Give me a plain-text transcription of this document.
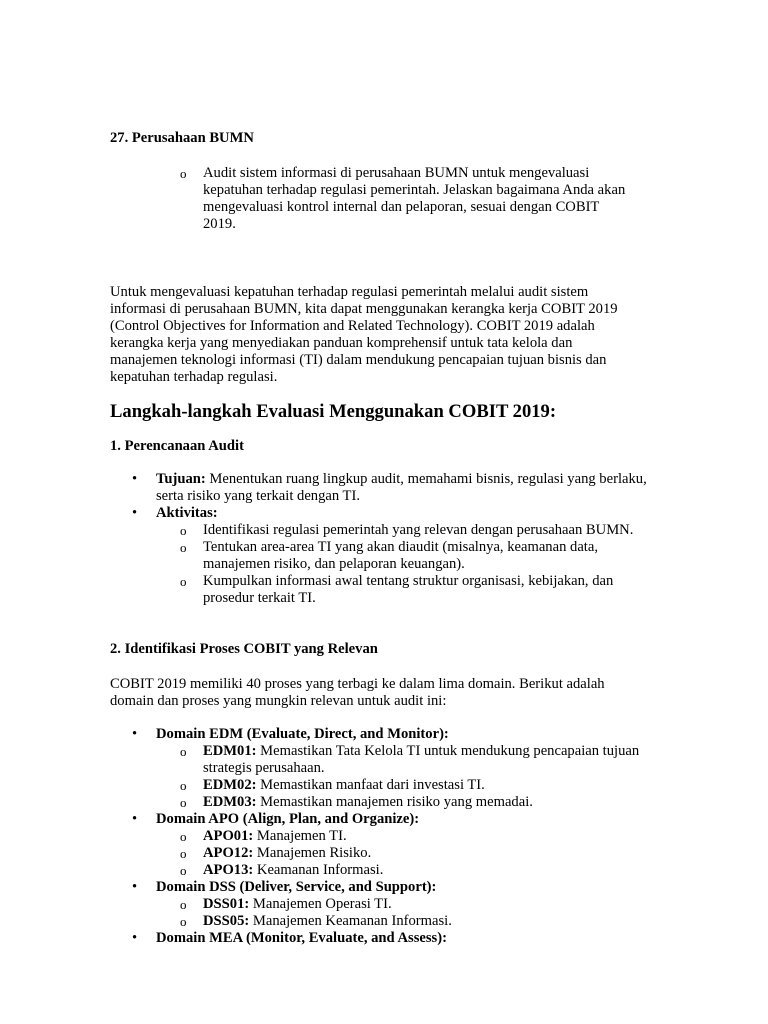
27. Perusahaan BUMN

o	Audit sistem informasi di perusahaan BUMN untuk mengevaluasi kepatuhan terhadap regulasi pemerintah. Jelaskan bagaimana Anda akan mengevaluasi kontrol internal dan pelaporan, sesuai dengan COBIT 2019.

Untuk mengevaluasi kepatuhan terhadap regulasi pemerintah melalui audit sistem informasi di perusahaan BUMN, kita dapat menggunakan kerangka kerja COBIT 2019 (Control Objectives for Information and Related Technology). COBIT 2019 adalah kerangka kerja yang menyediakan panduan komprehensif untuk tata kelola dan manajemen teknologi informasi (TI) dalam mendukung pencapaian tujuan bisnis dan kepatuhan terhadap regulasi.

Langkah-langkah Evaluasi Menggunakan COBIT 2019:

1. Perencanaan Audit

• Tujuan: Menentukan ruang lingkup audit, memahami bisnis, regulasi yang berlaku, serta risiko yang terkait dengan TI.
• Aktivitas:
o Identifikasi regulasi pemerintah yang relevan dengan perusahaan BUMN.
o Tentukan area-area TI yang akan diaudit (misalnya, keamanan data, manajemen risiko, dan pelaporan keuangan).
o Kumpulkan informasi awal tentang struktur organisasi, kebijakan, dan prosedur terkait TI.

2. Identifikasi Proses COBIT yang Relevan

COBIT 2019 memiliki 40 proses yang terbagi ke dalam lima domain. Berikut adalah domain dan proses yang mungkin relevan untuk audit ini:

• Domain EDM (Evaluate, Direct, and Monitor):
o EDM01: Memastikan Tata Kelola TI untuk mendukung pencapaian tujuan strategis perusahaan.
o EDM02: Memastikan manfaat dari investasi TI.
o EDM03: Memastikan manajemen risiko yang memadai.
• Domain APO (Align, Plan, and Organize):
o APO01: Manajemen TI.
o APO12: Manajemen Risiko.
o APO13: Keamanan Informasi.
• Domain DSS (Deliver, Service, and Support):
o DSS01: Manajemen Operasi TI.
o DSS05: Manajemen Keamanan Informasi.
• Domain MEA (Monitor, Evaluate, and Assess):
